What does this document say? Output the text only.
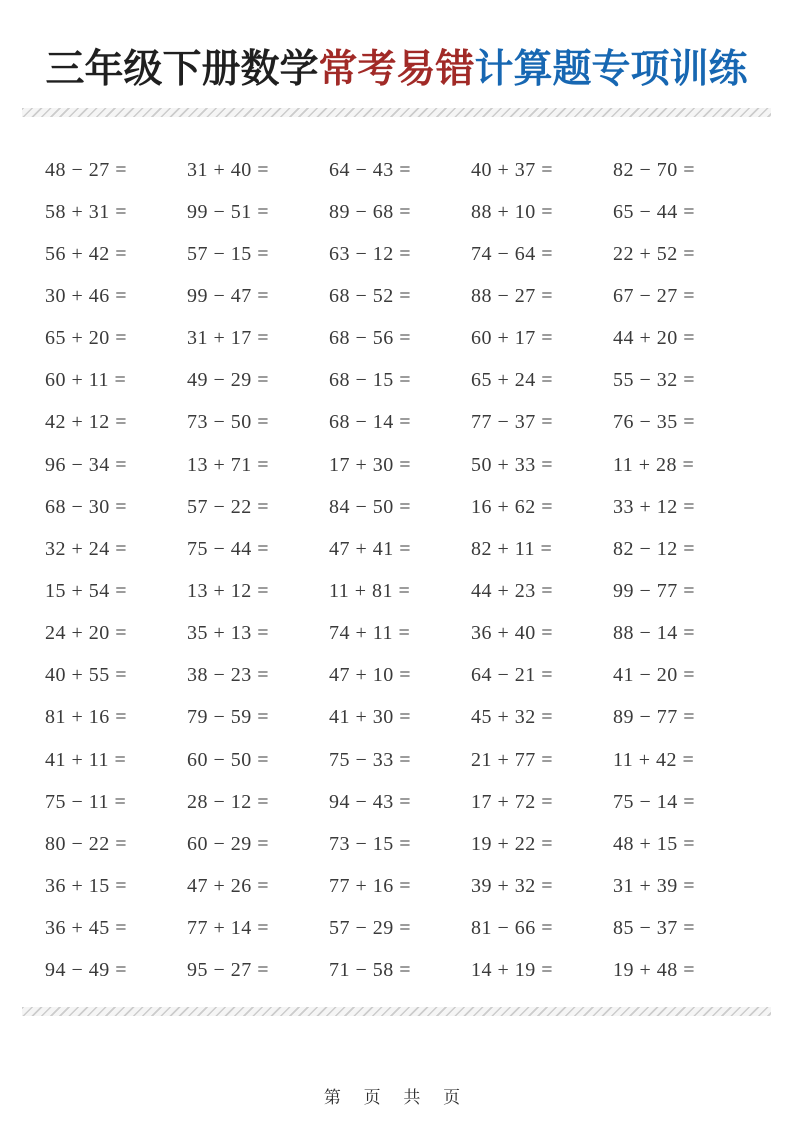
三年级下册数学常考易错计算题专项训练
48 − 27 =	31 + 40 =	64 − 43 =	40 + 37 =	82 − 70 =
58 + 31 =	99 − 51 =	89 − 68 =	88 + 10 =	65 − 44 =
56 + 42 =	57 − 15 =	63 − 12 =	74 − 64 =	22 + 52 =
30 + 46 =	99 − 47 =	68 − 52 =	88 − 27 =	67 − 27 =
65 + 20 =	31 + 17 =	68 − 56 =	60 + 17 =	44 + 20 =
60 + 11 =	49 − 29 =	68 − 15 =	65 + 24 =	55 − 32 =
42 + 12 =	73 − 50 =	68 − 14 =	77 − 37 =	76 − 35 =
96 − 34 =	13 + 71 =	17 + 30 =	50 + 33 =	11 + 28 =
68 − 30 =	57 − 22 =	84 − 50 =	16 + 62 =	33 + 12 =
32 + 24 =	75 − 44 =	47 + 41 =	82 + 11 =	82 − 12 =
15 + 54 =	13 + 12 =	11 + 81 =	44 + 23 =	99 − 77 =
24 + 20 =	35 + 13 =	74 + 11 =	36 + 40 =	88 − 14 =
40 + 55 =	38 − 23 =	47 + 10 =	64 − 21 =	41 − 20 =
81 + 16 =	79 − 59 =	41 + 30 =	45 + 32 =	89 − 77 =
41 + 11 =	60 − 50 =	75 − 33 =	21 + 77 =	11 + 42 =
75 − 11 =	28 − 12 =	94 − 43 =	17 + 72 =	75 − 14 =
80 − 22 =	60 − 29 =	73 − 15 =	19 + 22 =	48 + 15 =
36 + 15 =	47 + 26 =	77 + 16 =	39 + 32 =	31 + 39 =
36 + 45 =	77 + 14 =	57 − 29 =	81 − 66 =	85 − 37 =
94 − 49 =	95 − 27 =	71 − 58 =	14 + 19 =	19 + 48 =
第 页 共 页
